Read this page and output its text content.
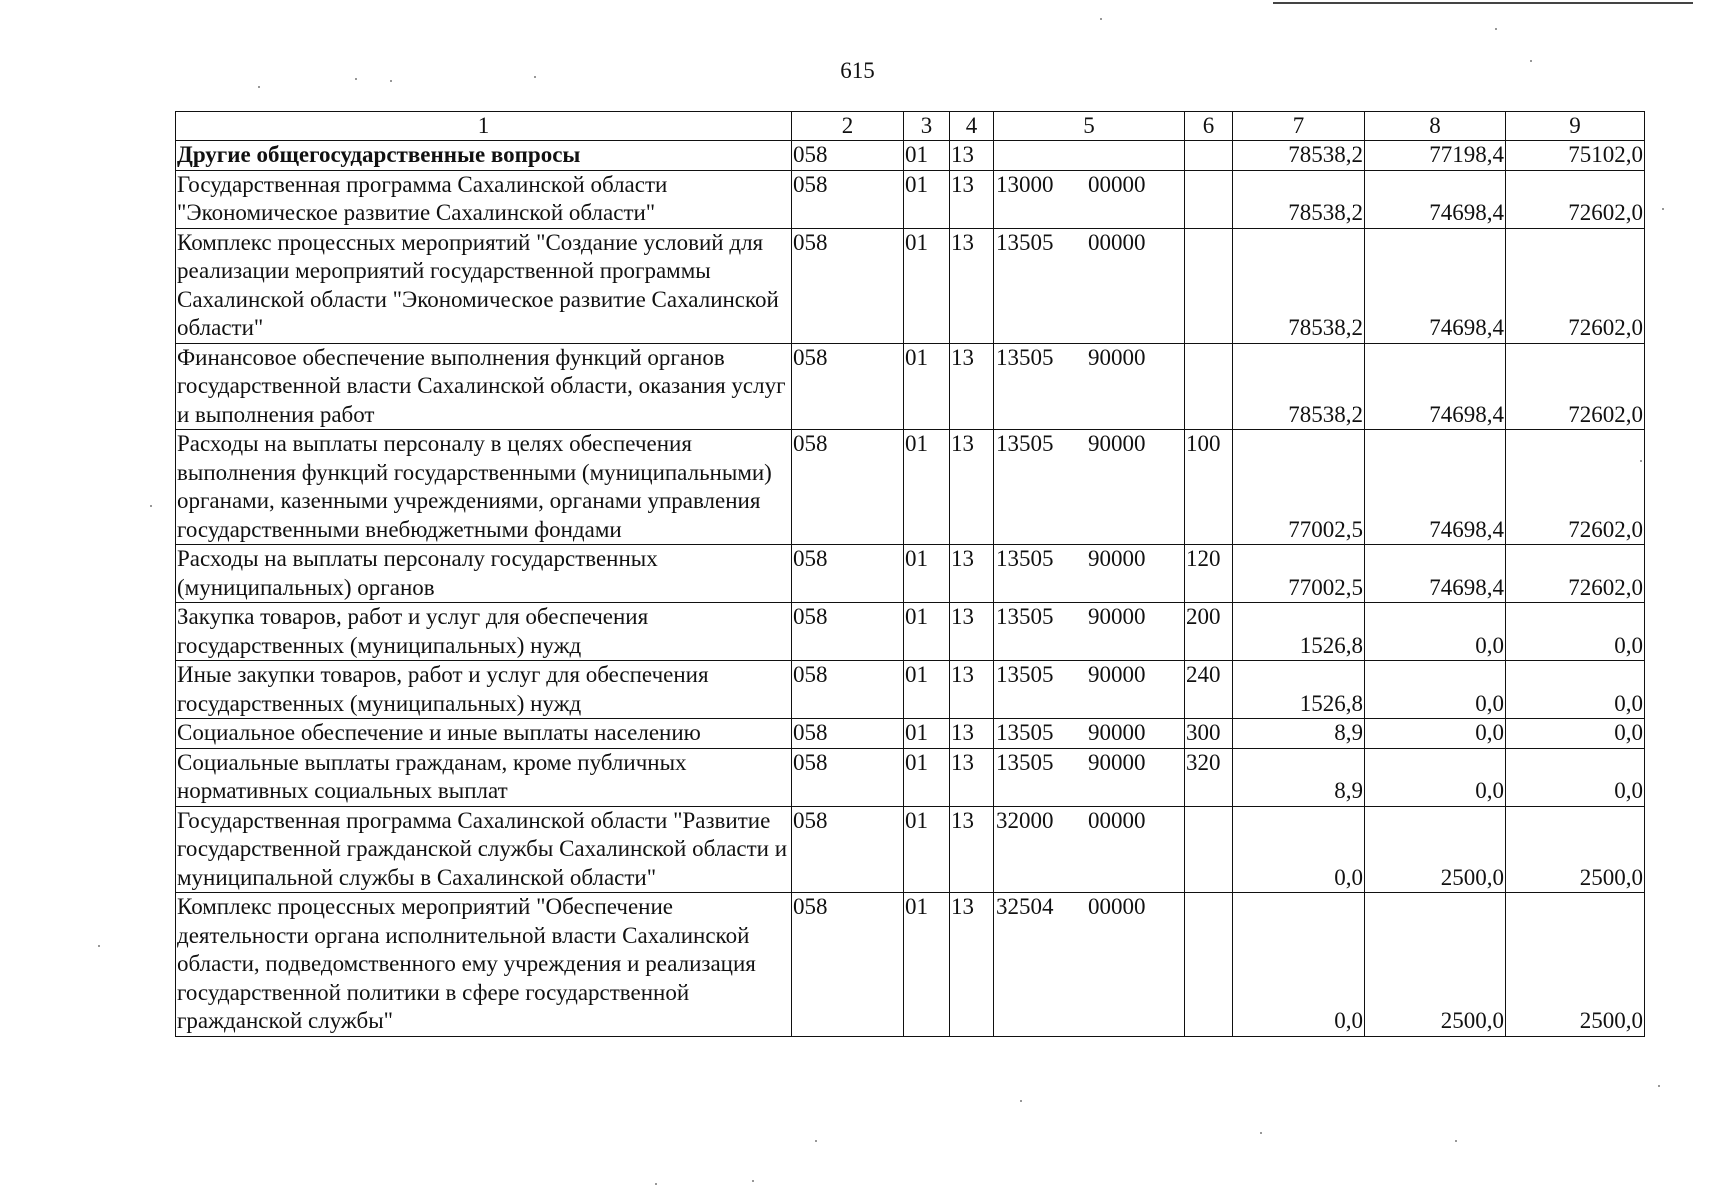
615
1	2	3	4	5	6	7	8	9
Другие общегосударственные вопросы	058	01	13			78538,2	77198,4	75102,0
Государственная программа Сахалинской области "Экономическое развитие Сахалинской области"	058	01	13	13000 00000		78538,2	74698,4	72602,0
Комплекс процессных мероприятий "Создание условий для реализации мероприятий государственной программы Сахалинской области "Экономическое развитие Сахалинской области"	058	01	13	13505 00000		78538,2	74698,4	72602,0
Финансовое обеспечение выполнения функций органов государственной власти Сахалинской области, оказания услуг и выполнения работ	058	01	13	13505 90000		78538,2	74698,4	72602,0
Расходы на выплаты персоналу в целях обеспечения выполнения функций государственными (муниципальными) органами, казенными учреждениями, органами управления государственными внебюджетными фондами	058	01	13	13505 90000	100	77002,5	74698,4	72602,0
Расходы на выплаты персоналу государственных (муниципальных) органов	058	01	13	13505 90000	120	77002,5	74698,4	72602,0
Закупка товаров, работ и услуг для обеспечения государственных (муниципальных) нужд	058	01	13	13505 90000	200	1526,8	0,0	0,0
Иные закупки товаров, работ и услуг для обеспечения государственных (муниципальных) нужд	058	01	13	13505 90000	240	1526,8	0,0	0,0
Социальное обеспечение и иные выплаты населению	058	01	13	13505 90000	300	8,9	0,0	0,0
Социальные выплаты гражданам, кроме публичных нормативных социальных выплат	058	01	13	13505 90000	320	8,9	0,0	0,0
Государственная программа Сахалинской области "Развитие государственной гражданской службы Сахалинской области и муниципальной службы в Сахалинской области"	058	01	13	32000 00000		0,0	2500,0	2500,0
Комплекс процессных мероприятий "Обеспечение деятельности органа исполнительной власти Сахалинской области, подведомственного ему учреждения и реализация государственной политики в сфере государственной гражданской службы"	058	01	13	32504 00000		0,0	2500,0	2500,0
